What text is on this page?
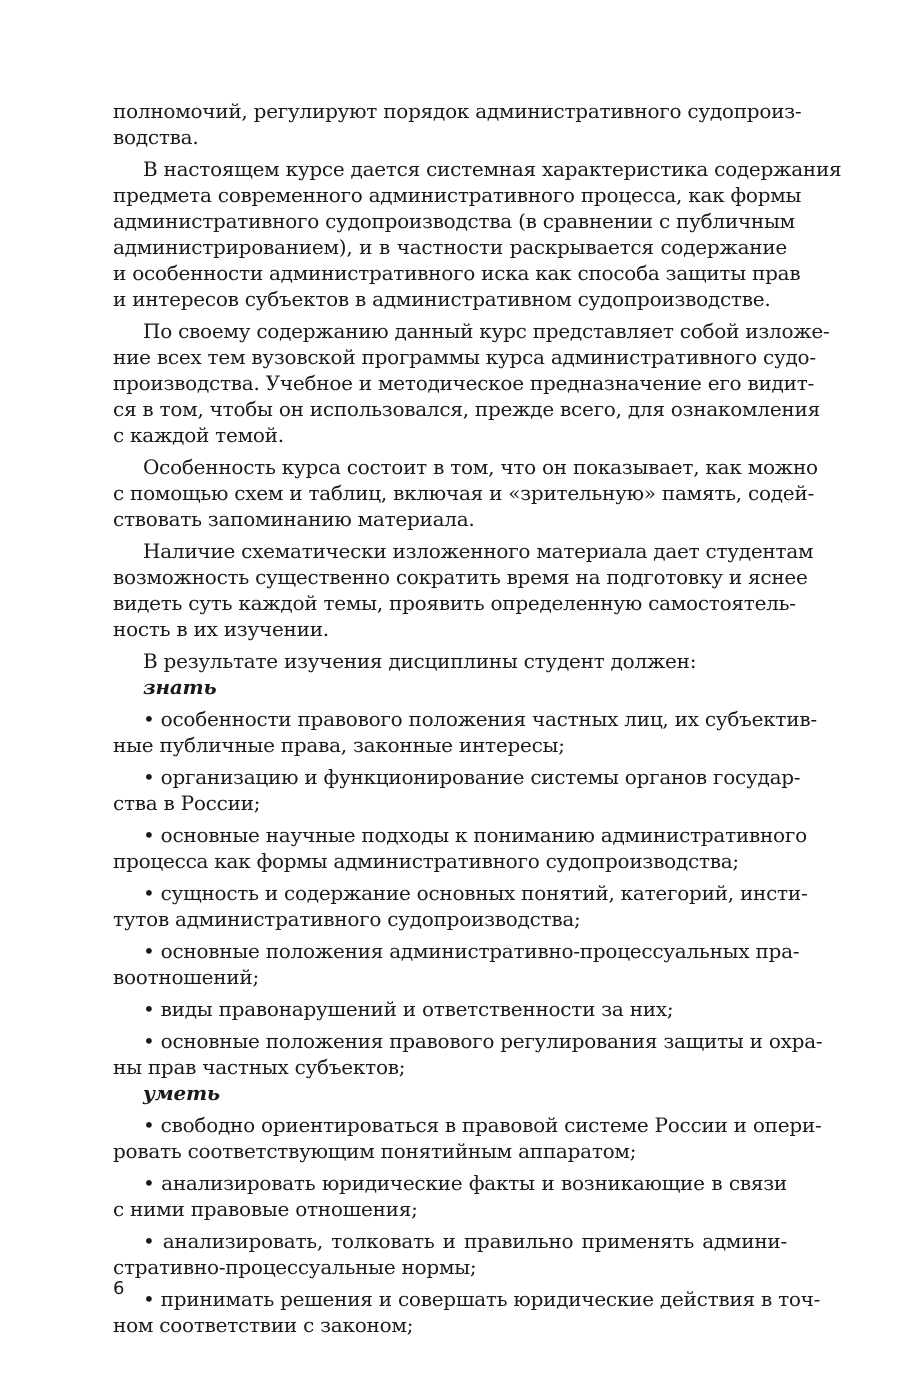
полномочий, регулируют порядок административного судопроиз-
водства.
В настоящем курсе дается системная характеристика содержания
предмета современного административного процесса, как формы
административного судопроизводства (в сравнении с публичным
администрированием), и в частности раскрывается содержание
и особенности административного иска как способа защиты прав
и интересов субъектов в административном судопроизводстве.
По своему содержанию данный курс представляет собой изложе-
ние всех тем вузовской программы курса административного судо-
производства. Учебное и методическое предназначение его видит-
ся в том, чтобы он использовался, прежде всего, для ознакомления
с каждой темой.
Особенность курса состоит в том, что он показывает, как можно
с помощью схем и таблиц, включая и «зрительную» память, содей-
ствовать запоминанию материала.
Наличие схематически изложенного материала дает студентам
возможность существенно сократить время на подготовку и яснее
видеть суть каждой темы, проявить определенную самостоятель-
ность в их изучении.
В результате изучения дисциплины студент должен:
знать
• особенности правового положения частных лиц, их субъектив-
ные публичные права, законные интересы;
• организацию и функционирование системы органов государ-
ства в России;
• основные научные подходы к пониманию административного
процесса как формы административного судопроизводства;
• сущность и содержание основных понятий, категорий, инсти-
тутов административного судопроизводства;
• основные положения административно-процессуальных пра-
воотношений;
• виды правонарушений и ответственности за них;
• основные положения правового регулирования защиты и охра-
ны прав частных субъектов;
уметь
• свободно ориентироваться в правовой системе России и опери-
ровать соответствующим понятийным аппаратом;
• анализировать юридические факты и возникающие в связи
с ними правовые отношения;
• анализировать, толковать и правильно применять админи-
стративно-процессуальные нормы;
• принимать решения и совершать юридические действия в точ-
ном соответствии с законом;
6
